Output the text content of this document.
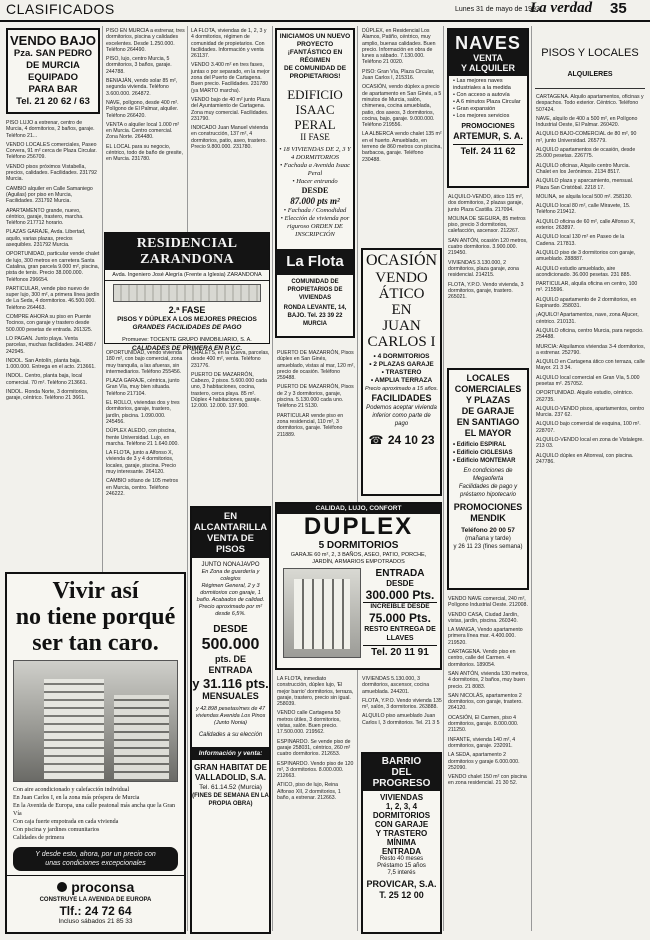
CLASIFICADOS	Lunes 31 de mayo de 1993
La verdad 35
VENDO BAJO
Pza. SAN PEDRO
DE MURCIA
EQUIPADO
PARA BAR
Tel. 21 20 62 / 63

PISO LUJO a estrenar, centro de Murcia, 4 dormitorios, 2 baños, garaje. Teléfono 21...

VENDO LOCALES comerciales, Paseo Corvera, 91 m² cerca de Plaza Circular. Teléfono 256709.

VENDO pisos próximos Vistabella, precios, calidades. Facilidades. 231792 Murcia.

CAMBIO alquiler en Calle Samaniego (Aguilas) por piso en Murcia, Facilidades. 231792 Murcia.

APARTAMENTO grande, nuevo, céntrico, garaje, trastero, marcha. Teléfono 217712 horario.

PLAZAS GARAJE, Avda. Libertad, aquilo, varias plazas, precios asequibles. 231792 Murcia.

OPORTUNIDAD, particular vende chalet de lujo, 300 metros en carretera Santa Catalina, gran parcela 9.000 m², piscina, pista de tenis. Precio 38.000.000. Teléfonos 296654.

PARTICULAR, vende piso nuevo de super lujo, 300 m², a primera línea jardín de La Seda, 4 dormitorios. 46.500.000. Teléfono 264463.

COMPRE AHORA su piso en Puente Tocinos, con garaje y trastero desde 500.000 pesetas de entrada. 261325.

LO PAGAN. Junto playa. Venta parcelas, muchas facilidades. 241488 / 242945.

INDOL. San Antolín, planta baja. 1.000.000. Entrega en el acto. 213661.

INDOL. Centro, planta baja, local comercial. 70 m². Teléfono 213661.

INDOL. Ronda Norte, 3 dormitorios, garaje, céntrico. Teléfono 21 3661.

PISO EN MURCIA a estrenar, tres dormitorios, piscina y calidades excelentes. Desde 1.250.000. Teléfono 264490.

PISO, lujo, centro Murcia, 5 dormitorios, 3 baños, garaje. 244788.

BENIAJÁN, vendo solar 85 m², segunda vivienda. Teléfono 3.600.000. 264872.

NAVE, polígono, desde 400 m². Polígono de El Palmar, alquiler. Teléfono 266420.

VENTA o alquiler local 1.000 m² en Murcia. Centro comercial. Zona Norte. 264480.

EL LOCAL para su negocio, céntrico, todo de baño de gresite, en Murcia. 231780.

RESIDENCIAL ZARANDONA
Avda. Ingeniero José Alegría (Frente a Iglesia) ZARANDONA
2.ª FASE
PISOS Y DÚPLEX A LOS MEJORES PRECIOS
GRANDES FACILIDADES DE PAGO
Promueve: TOCENTE GRUPO INMOBILIARIO, S. A.
CALIDADES DE PRIMERA EN P.V.C.

OPORTUNIDAD, vendo vivienda 180 m², con bajo comercial, zona muy tranquila, a las afueras, sin intermediarios. Teléfono 255456.

PLAZA GARAJE, céntrica, junto Gran Vía, muy bien situada. Teléfono 217104.

EL ROLLO, viviendas dos y tres dormitorios, garaje, trastero, jardín, piscina. 1.090.000. 245456.

DÚPLEX ALEDO, con piscina, frente Universidad. Lujo, en marcha. Teléfono 21 1.640.000.

LA FLOTA, junto a Alfonso X, vivienda de 3 y 4 dormitorios, locales, garaje, piscina. Precio muy interesante. 264120.

CAMBIO sótano de 105 metros en Murcia, centro. Teléfono 246222.

Vivir así
no tiene porqué
ser tan caro.
Con aire acondicionado y calefacción individual
En Juan Carlos I, en la zona más próspera de Murcia
En la Avenida de Europa, una calle peatonal más ancha que la Gran Vía
Con caja fuerte empotrada en cada vivienda
Con piscina y jardines comunitarios
Calidades de primera
Y desde esto, ahora, por un precio con
unas condiciones excepcionales
proconsa
CONSTRUYE LA AVENIDA DE EUROPA
Tlf.: 24 72 64
Incluso sábados 21 85 33

LA FLOTA, viviendas de 1, 2, 3 y 4 dormitorios, régimen de comunidad de propietarios. Con facilidades. Información y venta 261137.

VENDO 3.400 m² en tres fases, juntas o por separado, en la mejor zona del Puerto de Cartagena. Buen precio. Facilidades. 231780 (ya MARTO marcha).

VENDO bajo de 40 m² junto Plaza del Ayuntamiento de Cartagena. Zona muy comercial. Facilidades. 231790.

INDICADO Juan Manuel vivienda en construcción, 137 m², 4 dormitorios, patio, aseo, trastero. Precio 9.800.000. 231780.

CHALETS, en la Cueva, parcelas, desde 400 m², venta. Teléfono 231776.

PUERTO DE MAZARRÓN, Cabezo, 2 pisos. 5.600.000 cada uno, 3 habitaciones, cocina, trastero, cerca playa. 85 m². Dúplex 4 habitaciones, garaje. 12.000. 12.000. 137.900.

EN ALCANTARILLA VENTA DE PISOS
JUNTO NONAJAVPO
En Zona de guardería y colegios
Régimen General, 2 y 3 dormitorios con garaje, 1 baño. Acabados de calidad.
Precio aproximado por m² desde 6,5%.
DESDE
500.000
pts. DE ENTRADA
y 31.116 pts.
MENSUALES
y 42.898 pesetas/mes de 47 viviendas Avenida Los Pinos (Junto Nonia)
Calidades a su elección
Información y venta:
GRAN HABITAT DE VALLADOLID, S.A.
Tel. 61.14.52 (Murcia)
(FINES DE SEMANA EN LA PROPIA OBRA)
INICIAMOS UN NUEVO PROYECTO
¡FANTÁSTICO EN RÉGIMEN
DE COMUNIDAD DE PROPIETARIOS!
EDIFICIO ISAAC PERAL
II FASE
• 18 VIVIENDAS DE 2, 3 Y 4 DORMITORIOS
• Fachada a Avenida Isaac Peral
• Hacer entrando
DESDE
87.000 pts m²
• Fachada / Comodidad
• Elección de vivienda por riguroso ORDEN DE INSCRIPCIÓN
La Flota
COMUNIDAD DE PROPIETARIOS DE VIVIENDAS
RONDA LEVANTE, 14, BAJO. Tel. 23 39 22 MURCIA

PUERTO DE MAZARRÓN, Pisos dúplex en San Ginés, amueblado, vistas al mar, 120 m², precio de ocasión. Teléfono 259488.

PUERTO DE MAZARRÓN, Pisos de 2 y 3 dormitorios, garaje, piscina. 5.130.000 cada uno. Teléfono 21 5130.

PARTICULAR vende piso en zona residencial, 110 m², 3 dormitorios, garaje. Teléfono 211889.

LA FLOTA, inmediato construcción, dúplex lujo, 'El mejor barrio' dormitorios, terraza, garaje, trastero, precio sin igual. 258039.

VENDO calle Cartagena 50 metros útiles, 3 dormitorios, vistas, salón. Buen precio. 17.500.000. 219562.

ESPINARDO. Se vende piso de garaje 258031, céntrico, 260 m² cuatro dormitorios. 212653.

ESPINARDO. Vendo piso de 120 m², 3 dormitorios. 8.000.000. 212663.

ATICO, piso de lujo, Reina Alfonso XII, 2 dormitorios, 1 baño, a estrenar. 212663.

DÚPLEX, en Residencial Los Álamos, Patiño, céntrico, muy amplio, buenas calidades. Buen precio. Información en obra de lunes a sábado. 7.130.000. Teléfono 21 0020.

PISO: Gran Vía, Plaza Circular, Juan Carlos I, 215316.

OCASIÓN, vendo dúplex a precio de apartamento en San Ginés, a 5 minutos de Murcia, salón, chimenea, cocina amueblada, patio, dos aseos, 3 dormitorios, cocina, bajo, garaje. 9.000.000. Teléfono 219556.

LA ALBERCA vendo chalet 135 m² en el huerto. Amueblado, en terreno de 860 metros con piscina, barbacoa, garaje. Teléfono 230488.

OCASIÓN
VENDO
ÁTICO
EN
JUAN
CARLOS I
• 4 DORMITORIOS
• 2 PLAZAS GARAJE
• TRASTERO
• AMPLIA TERRAZA
Precio aproximado a 15 años.
FACILIDADES
Podemos aceptar vivienda inferior como parte de pago
☎ 24 10 23
CALIDAD, LUJO, CONFORT
DUPLEX
5 DORMITORIOS
GARAJE 60 m², 2, 3 BAÑOS, ASEO, PATIO, PORCHE, JARDÍN, ARMARIOS EMPOTRADOS
ENTRADA
DESDE
300.000 Pts.
INCREÍBLE DESDE
75.000 Pts.
RESTO ENTREGA DE LLAVES
Tel. 20 11 91

VIVIENDAS 5.130.000, 3 dormitorios, ascensor, cocina amueblada. 244201.

FLOTA, Y.P.O. Vendo vivienda 135 m², salón, 3 dormitorios. 263888.

ALQUILO piso amueblado Juan Carlos I, 3 dormitorios. Tel. 21 3 5

BARRIO
DEL
PROGRESO
VIVIENDAS
1, 2, 3, 4
DORMITORIOS
CON GARAJE
Y TRASTERO
MÍNIMA
ENTRADA
Resto 40 meses
Préstamo 15 años
7,5 interés
PROVICAR, S.A.
T. 25 12 00
NAVES
VENTA
Y ALQUILER
• Las mejores naves industriales a la medida
• Con acceso a autovía
• A 6 minutos Plaza Circular
• Gran expansión
• Los mejores servicios
PROMOCIONES
ARTEMUR, S. A.
Telf. 24 11 62

ALQUILO-VENDO, ático 115 m², dos dormitorios, 2 plazas garaje, junto Plaza Castilla. 217094.

MOLINA DE SEGURA, 85 metros piso, precio 3 dormitorios, calefacción, ascensor. 212267.

SAN ANTÓN, ocasión 120 metros, cuatro dormitorios. 3.900.000. 219450.

VIVIENDAS 3.130.000, 2 dormitorios, plaza garaje, zona residencial. 214215.

FLOTA, Y.P.O. Vendo vivienda, 3 dormitorios, garaje, trastero. 265021.

LOCALES
COMERCIALES
Y PLAZAS
DE GARAJE
EN SANTIAGO
EL MAYOR
• Edificio ESPIRAL
• Edificio CIGLESIAS
• Edificio MONTEMAR
En condiciones de Megaoferta
Facilidades de pago y préstamo hipotecario
PROMOCIONES MENDIK
Teléfono 20 00 57
(mañana y tarde)
y 26 11 23 (fines semana)

VENDO NAVE comercial, 240 m², Polígono Industrial Oeste. 212008.

VENDO CASA, Ciudad Jardín, vistas, jardín, piscina. 260340.

LA MANGA, Vendo apartamento primera línea mar. 4.400.000. 219520.

CARTAGENA. Vendo piso en centro, calle del Carmen. 4 dormitorios. 189054.

SAN ANTÓN, vivienda 130 metros, 4 dormitorios, 2 baños, muy buen precio. 21 8083.

SAN NICOLÁS, apartamentos 2 dormitorios, con garaje, trastero. 264120.

OCASIÓN, El Carmen, piso 4 dormitorios, garaje. 8.000.000. 211250.

INFANTE, vivienda 140 m², 4 dormitorios, garaje. 232091.

LA SEDA, apartamento 2 dormitorios y garaje 6.000.000. 252090.

VENDO chalet 150 m² con piscina en zona residencial. 21 30 52.

PISOS Y LOCALES
ALQUILERES

CARTAGENA. Alquilo apartamentos, oficinas y despachos. Todo exterior. Céntrico. Teléfono 507424.

NAVE, alquilo de 400 a 500 m², en Polígono Industrial Oeste, El Palmar. 260420.

ALQUILO BAJO-COMERCIAL de 80 m², 90 m², junto Universidad. 265779.

ALQUILO apartamentos de ocasión, desde 25.000 pesetas. 226775.

ALQUILO oficinas, Alquilo centro Murcia. Chalet en los Jerónimos. 2134 8517.

ALQUILO plaza y aparcamiento, mensual. Plaza San Cristóbal. 2218 17.

MOLINA, se alquila local 500 m². 258130.

ALQUILO local 80 m², calle Miravete, 15. Teléfono 219412.

ALQUILO oficina de 60 m², calle Alfonso X, exterior. 263897.

ALQUILO local 130 m² en Paseo de la Cadena. 217813.

ALQUILO piso de 3 dormitorios con garaje, amueblado. 288887.

ALQUILO estudio amueblado, aire acondicionado. 36.000 pesetas. 231 885.

PARTICULAR, alquila oficina en centro, 100 m². 215596.

ALQUILO apartamento de 2 dormitorios, en Espinardo. 258031.

¡AQUILO! Apartamentos, nave, zona Aljucer, céntrico. 210131.

ALQUILO oficina, centro Murcia, para negocio. 254488.

MURCIA: Alquilamos viviendas 3-4 dormitorios, a estrenar. 252790.

ALQUILO en Cartagena ático con terraza, calle Mayor. 21 3 34.

ALQUILO local comercial en Gran Vía, 5.000 pesetas m². 257052.

OPORTUNIDAD. Alquilo estudio, céntrico. 262735.

ALQUILO-VENDO pisos, apartamentos, centro Murcia. 237 62.

ALQUILO bajo comercial de esquina, 100 m². 228707.

ALQUILO-VENDO local en zona de Vistalegre. 213 03.

ALQUILO dúplex en Altorreal, con piscina. 247786.
